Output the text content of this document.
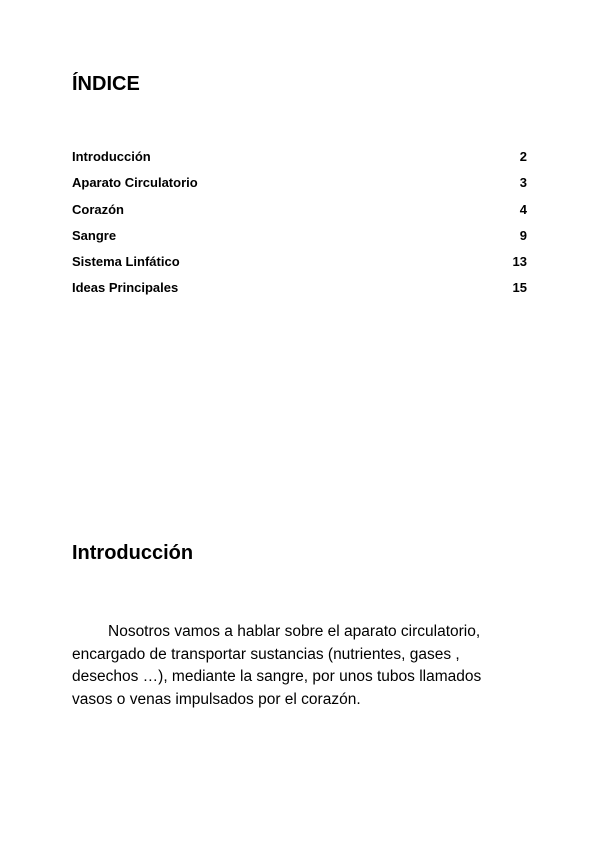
ÍNDICE
Introducción	2
Aparato Circulatorio	3
Corazón	4
Sangre	9
Sistema Linfático	13
Ideas Principales	15
Introducción

Nosotros vamos a hablar sobre el aparato circulatorio, encargado de transportar sustancias (nutrientes, gases , desechos …), mediante la sangre, por unos tubos llamados vasos o venas impulsados por el corazón.
